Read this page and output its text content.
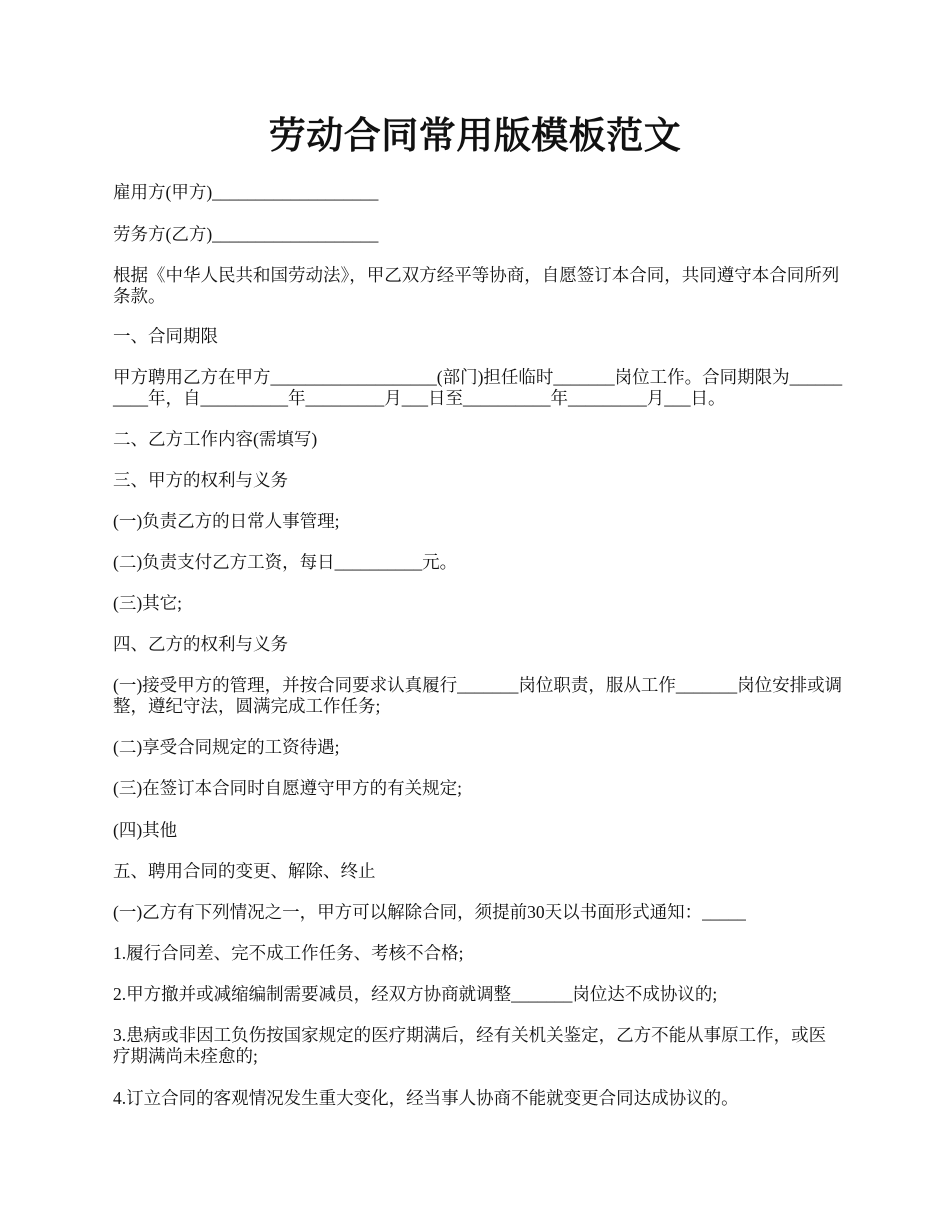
劳动合同常用版模板范文

雇用方(甲方)___________________

劳务方(乙方)___________________

根据《中华人民共和国劳动法》，甲乙双方经平等协商，自愿签订本合同，共同遵守本合同所列条款。

一、合同期限

甲方聘用乙方在甲方___________________(部门)担任临时_______岗位工作。合同期限为__________年，自__________年_________月___日至__________年_________月___日。

二、乙方工作内容(需填写)

三、甲方的权利与义务

(一)负责乙方的日常人事管理;

(二)负责支付乙方工资，每日__________元。

(三)其它;

四、乙方的权利与义务

(一)接受甲方的管理，并按合同要求认真履行_______岗位职责，服从工作_______岗位安排或调整，遵纪守法，圆满完成工作任务;

(二)享受合同规定的工资待遇;

(三)在签订本合同时自愿遵守甲方的有关规定;

(四)其他

五、聘用合同的变更、解除、终止

(一)乙方有下列情况之一，甲方可以解除合同，须提前30天以书面形式通知：_____

1.履行合同差、完不成工作任务、考核不合格;

2.甲方撤并或减缩编制需要减员，经双方协商就调整_______岗位达不成协议的;

3.患病或非因工负伤按国家规定的医疗期满后，经有关机关鉴定，乙方不能从事原工作，或医疗期满尚未痊愈的;

4.订立合同的客观情况发生重大变化，经当事人协商不能就变更合同达成协议的。
